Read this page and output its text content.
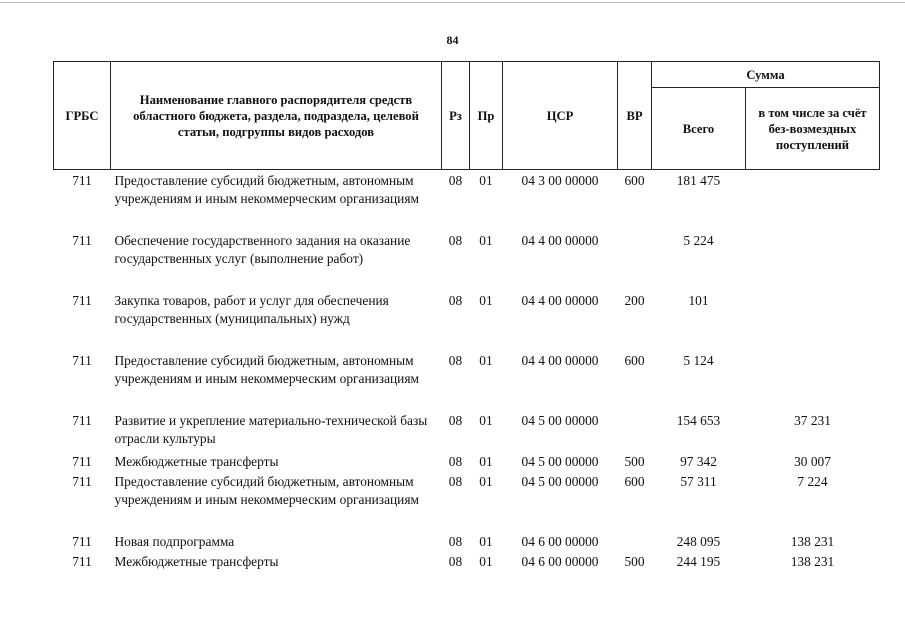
84
ГРБС	Наименование главного распорядителя средств областного бюджета, раздела, подраздела, целевой статьи, подгруппы видов расходов	Рз	Пр	ЦСР	ВР	Сумма	
						Всего	в том числе за счёт без-возмездных поступлений
711	Предоставление субсидий бюджетным, автономным учреждениям и иным некоммерческим организациям	08	01	04 3 00 00000	600	181 475	
711	Обеспечение государственного задания на оказание государственных услуг (выполнение работ)	08	01	04 4 00 00000		5 224	
711	Закупка товаров, работ и услуг для обеспечения государственных (муниципальных) нужд	08	01	04 4 00 00000	200	101	
711	Предоставление субсидий бюджетным, автономным учреждениям и иным некоммерческим организациям	08	01	04 4 00 00000	600	5 124	
711	Развитие и укрепление материально-технической базы отрасли культуры	08	01	04 5 00 00000		154 653	37 231
711	Межбюджетные трансферты	08	01	04 5 00 00000	500	97 342	30 007
711	Предоставление субсидий бюджетным, автономным учреждениям и иным некоммерческим организациям	08	01	04 5 00 00000	600	57 311	7 224
711	Новая подпрограмма	08	01	04 6 00 00000		248 095	138 231
711	Межбюджетные трансферты	08	01	04 6 00 00000	500	244 195	138 231
